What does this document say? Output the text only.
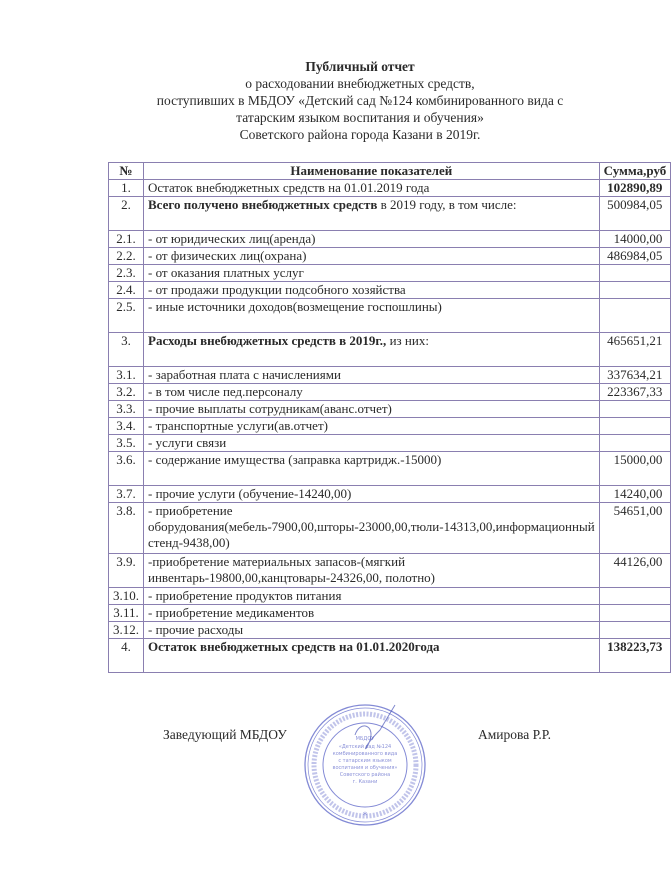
Публичный отчет
о расходовании внебюджетных средств,
поступивших в МБДОУ «Детский сад №124 комбинированного вида с
татарским языком воспитания и обучения»
Советского района города Казани в 2019г.
№	Наименование показателей	Сумма,руб
1.	Остаток внебюджетных средств на 01.01.2019 года	102890,89
2.	Всего получено внебюджетных средств в 2019 году, в том числе:	500984,05
2.1.	- от юридических лиц(аренда)	14000,00
2.2.	- от физических лиц(охрана)	486984,05
2.3.	- от оказания платных услуг	
2.4.	- от продажи продукции подсобного хозяйства	
2.5.	- иные источники доходов(возмещение госпошлины)	
3.	Расходы внебюджетных средств в 2019г., из них:	465651,21
3.1.	- заработная плата с начислениями	337634,21
3.2.	- в том числе пед.персоналу	223367,33
3.3.	- прочие выплаты сотрудникам(аванс.отчет)	
3.4.	- транспортные услуги(ав.отчет)	
3.5.	- услуги связи	
3.6.	- содержание имущества (заправка картридж.-15000)	15000,00
3.7.	- прочие услуги (обучение-14240,00)	14240,00
3.8.	- приобретение оборудования(мебель-7900,00,шторы-23000,00,тюли-14313,00,информационный стенд-9438,00)	54651,00
3.9.	-приобретение материальных запасов-(мягкий инвентарь-19800,00,канцтовары-24326,00, полотно)	44126,00
3.10.	- приобретение продуктов питания	
3.11.	- приобретение медикаментов	
3.12.	- прочие расходы	
4.	Остаток внебюджетных средств на 01.01.2020года	138223,73
Заведующий МБДОУ	Амирова Р.Р.
МБДОУ
«Детский сад №124
комбинированного вида
с татарским языком
воспитания и обучения»
Советского района
г. Казани
*
